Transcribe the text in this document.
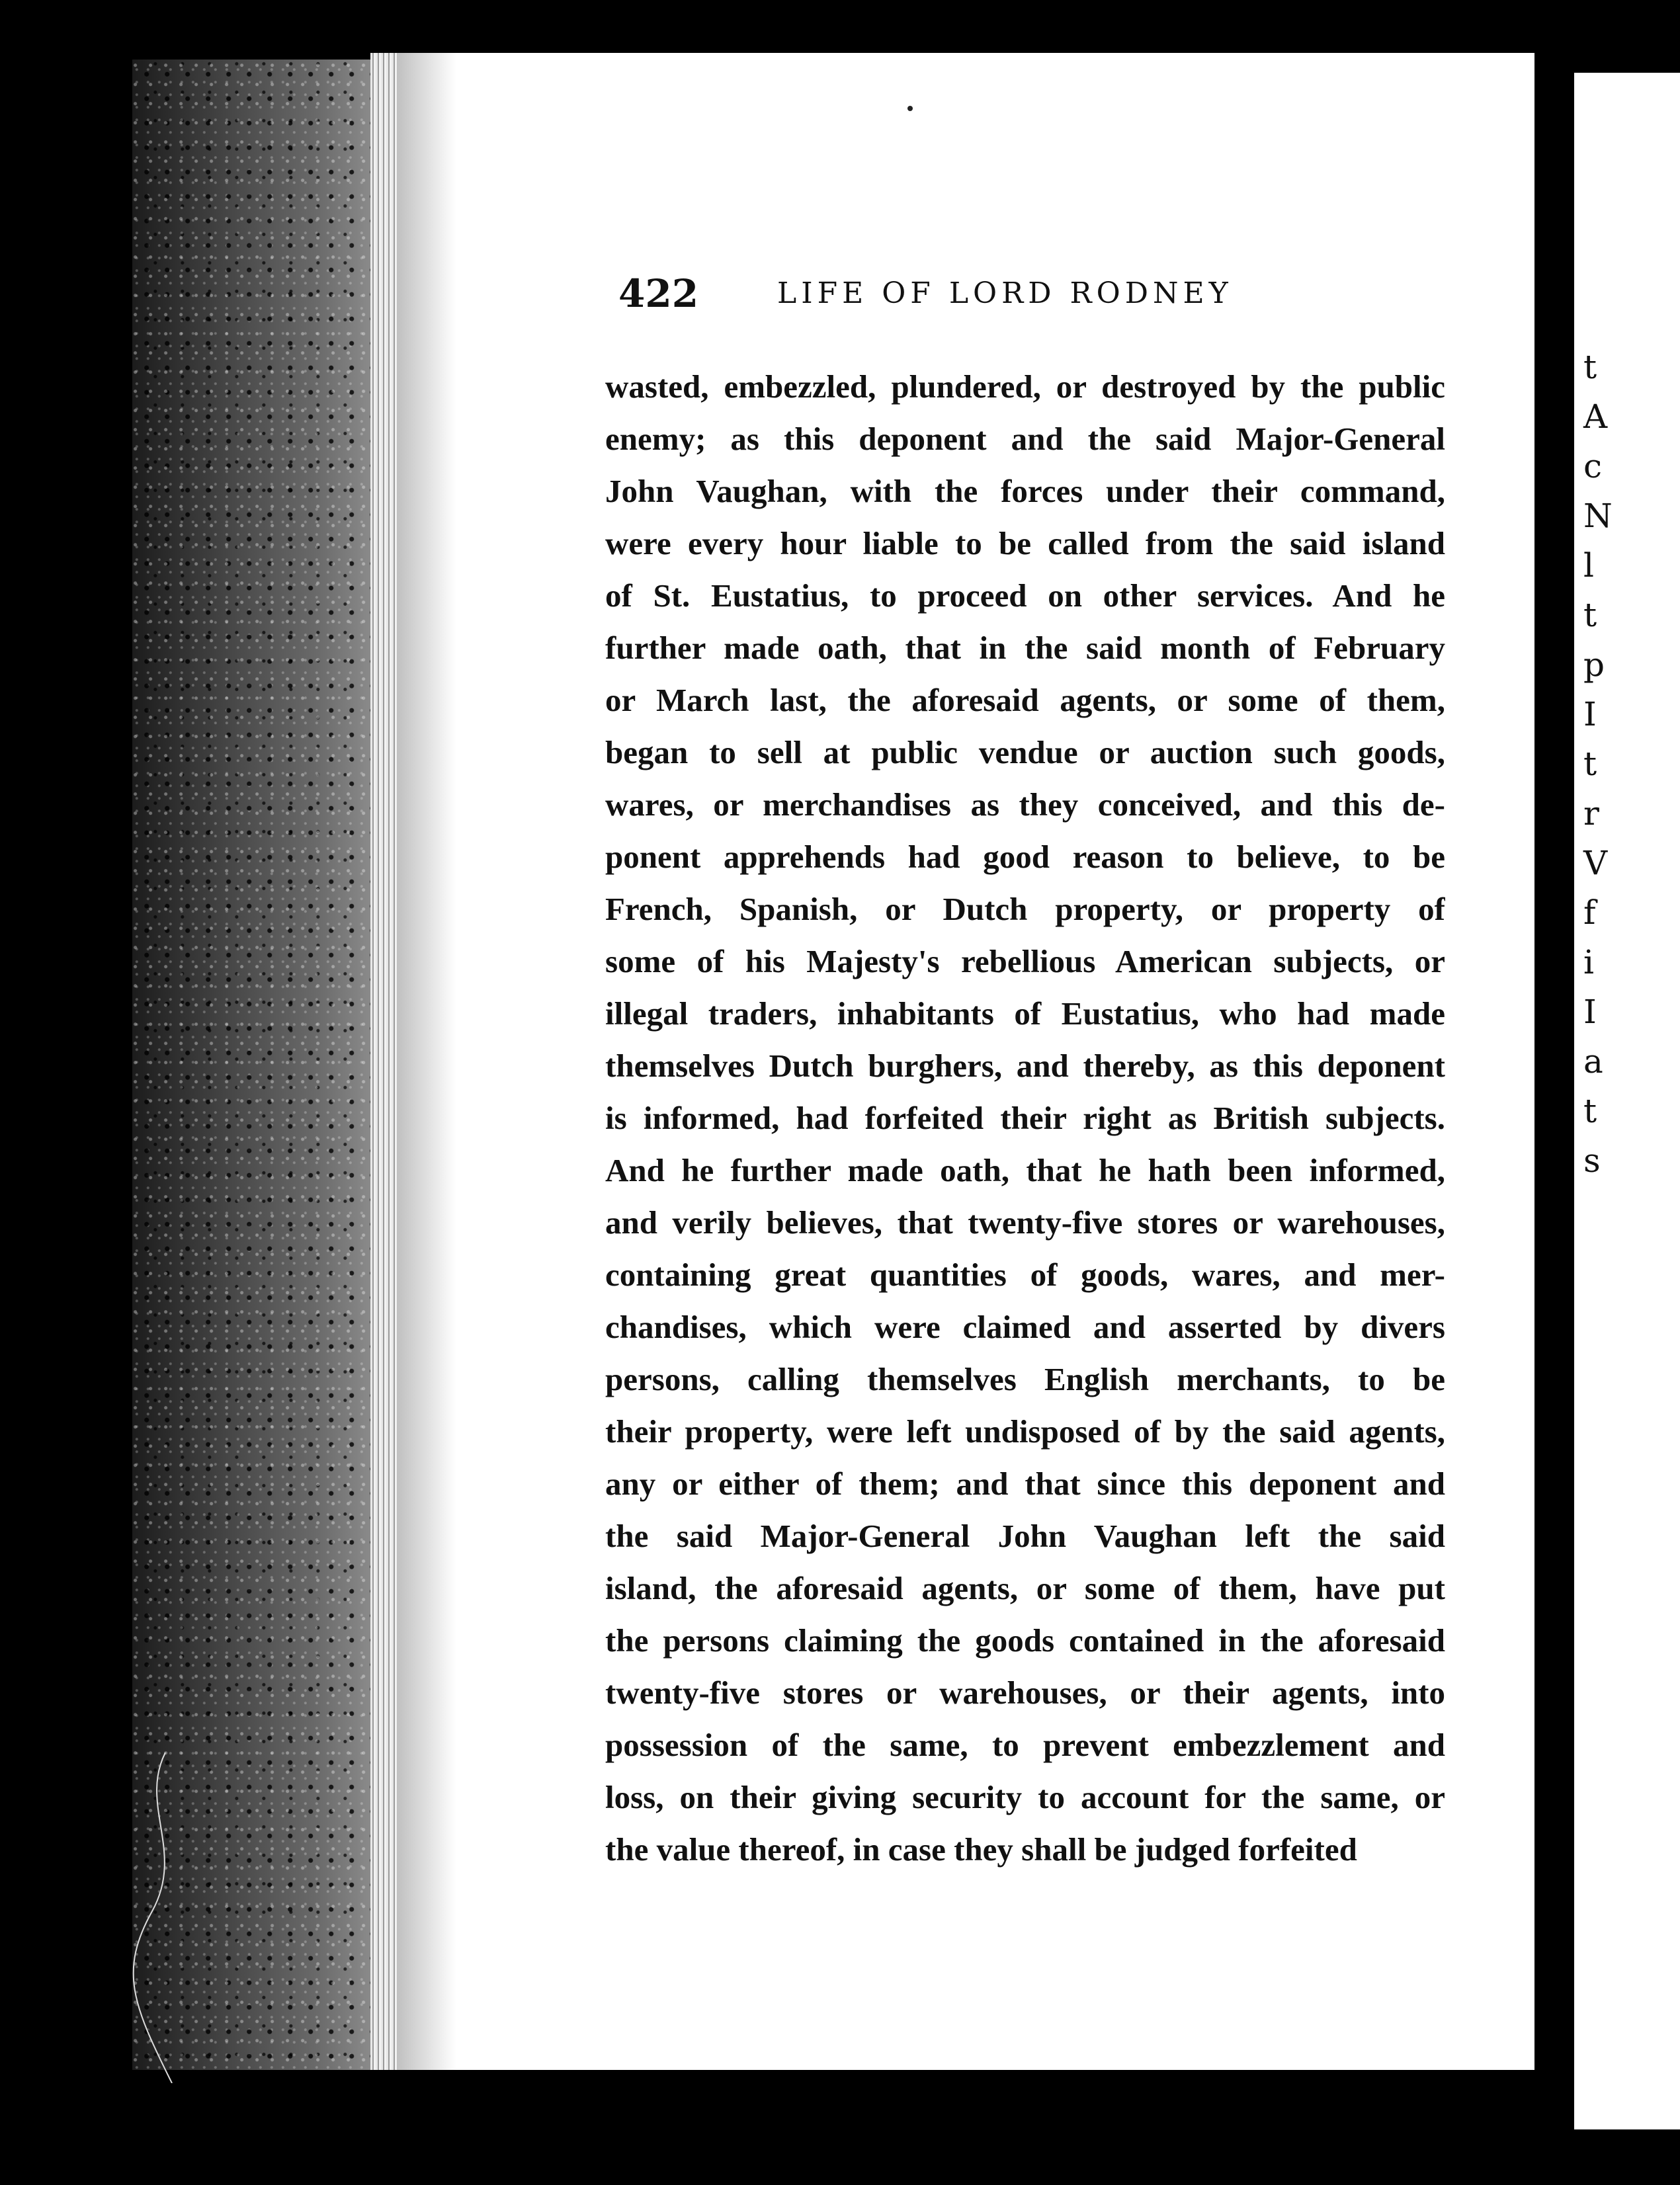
t
A
c
N
l
t
p
I
t
r
V
f
i
I
a
t
s
422	LIFE OF LORD RODNEY
wasted, embezzled, plundered, or destroyed by the public
enemy; as this deponent and the said Major-General
John Vaughan, with the forces under their command,
were every hour liable to be called from the said island
of St. Eustatius, to proceed on other services. And he
further made oath, that in the said month of February
or March last, the aforesaid agents, or some of them,
began to sell at public vendue or auction such goods,
wares, or merchandises as they conceived, and this de-
ponent apprehends had good reason to believe, to be
French, Spanish, or Dutch property, or property of
some of his Majesty's rebellious American subjects, or
illegal traders, inhabitants of Eustatius, who had made
themselves Dutch burghers, and thereby, as this deponent
is informed, had forfeited their right as British subjects.
And he further made oath, that he hath been informed,
and verily believes, that twenty-five stores or warehouses,
containing great quantities of goods, wares, and mer-
chandises, which were claimed and asserted by divers
persons, calling themselves English merchants, to be
their property, were left undisposed of by the said agents,
any or either of them; and that since this deponent and
the said Major-General John Vaughan left the said
island, the aforesaid agents, or some of them, have put
the persons claiming the goods contained in the aforesaid
twenty-five stores or warehouses, or their agents, into
possession of the same, to prevent embezzlement and
loss, on their giving security to account for the same, or
the value thereof, in case they shall be judged forfeited
